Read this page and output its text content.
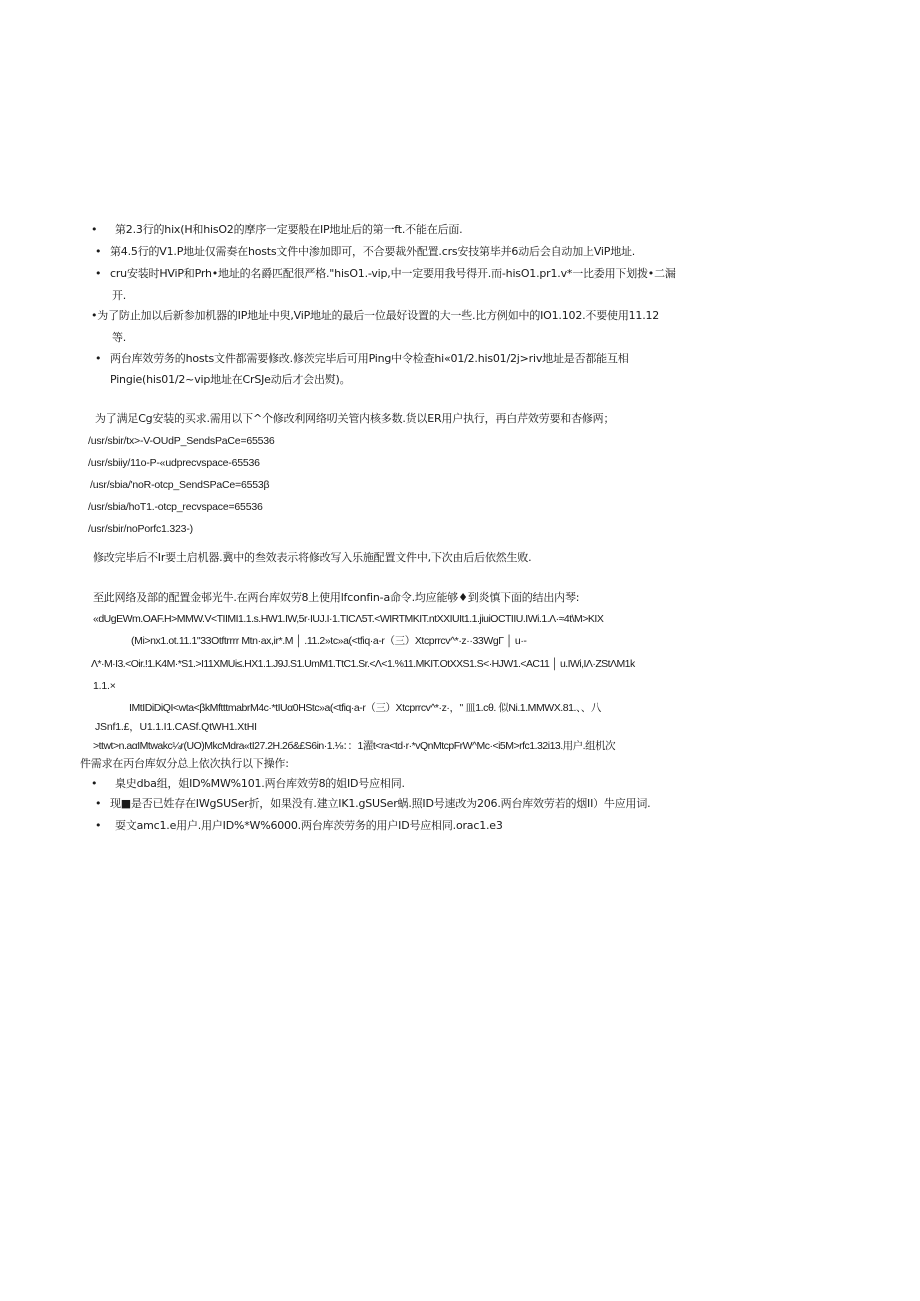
• 第2.3行的hix(H和hisO2的摩序一定要般在IP地址后的第一ft.不能在后面.
• 第4.5行的V1.P地址仅需奏在hosts文件中渗加即可，不合要裁外配置.crs安技第毕并6动后会自动加上ViP地址.
• cru安装时HViP和Prh•地址的名爵匹配很严格."hisO1.-vip,中一定要用我号得开.而-hisO1.pr1.v*一比委用下划拨•二漏
开.
•为了防止加以后新参加机器的IP地址中臾,ViP地址的最后一位最好设置的大一些.比方例如中的IO1.102.不要使用11.12
等.
• 两台库效劳务的hosts文件都需要修改.修茨完毕后可用Ping中令检查hi«01/2.his01/2j>riv地址是否都能互相
Pingie(his01/2~vip地址在CrSJe动后才会出熨)。
为了满足Cg安装的买求.需用以下^个修改利网络叨关管内核多数.货以ER用户执行，再白芹效劳要和杏修两；
/usr/sbir/tx>-V-OUdP_SendsPaCe=65536
/usr/sbiiy/11o-P-«udprecvspace-65536
/usr/sbia/'noR-otcp_SendSPaCe=6553β
/usr/sbia/hoT1.-otcp_recvspace=65536
/usr/sbir/noPorfc1.323-)
修改完毕后不Ir要土启机器.冀中的叁效表示将修改写入乐施配置文件中,下次由后后依然生败.
至此网络及部的配置金邨光牛.在两台库奴劳8上使用lfconfin-a命令.均应能够♦到炎慎下面的结出内琴:
«dUgEWm.OAF.H>MMW.V<TIIMI1.1.s.HW1.IW,5r·IUJ.I·1.TICΛ5T.<WIRTMKIT.ntXXIUIt1.1.jiuiOCTIIU.IWi.1.Λ·≈4t\M>KIX
(Mi>nx1.ot.11.1"33Otftrrrr Mtn·ax,ir*.M │ .11.2»tc»a(<tfiq·a-r（三）Xtcprrcv^*·z··33WgΓ │ u·-
Λ*·M·I3.<Oir.!1.K4M·*S1.>I11XMUi≤.HX1.1.J9J.S1.UmM1.TtC1.Sr.<Λ<1.%11.MKIT.OtXXS1.S<·HJW1.<AC11 │ u.IWi,IΛ·ZStΛM1k
1.1.×
IMtIDiDiQI<wta<βkMftttmabrM4c·*tIUα0HStc»a(<tfiq·a-r（三）Xtcprrcv^*·z·，" 皿1.cθ. 似Ni.1.MMWX.81.、、八
JSnf1.£，U1.1.I1.CASf.QtWH1.XtHI
>ttwt>n.aαIMtwakc¼r(UO)MkcMdra«tI27.2H.2б&£S6in·1.⅛：：1濯t<ra<td·r·*vQnMtcpFrW^Mc·<i5M>rfc1.32i13.用户.组机次
件需求在丙台库奴分总上依次执行以下操作:
• 臬史dba组，姐ID%MW%101.两台库效劳8的姐ID号应相同.
• 现■是否已姓存在IWgSUSer折，如果没有.建立IK1.gSUSer蜗.照ID号速改为206.两台库效劳若的烟II）牛应用词.
• 耍文amc1.e用户.用户ID%*W%6000.两台库茨劳务的用户ID号应相同.orac1.e3
